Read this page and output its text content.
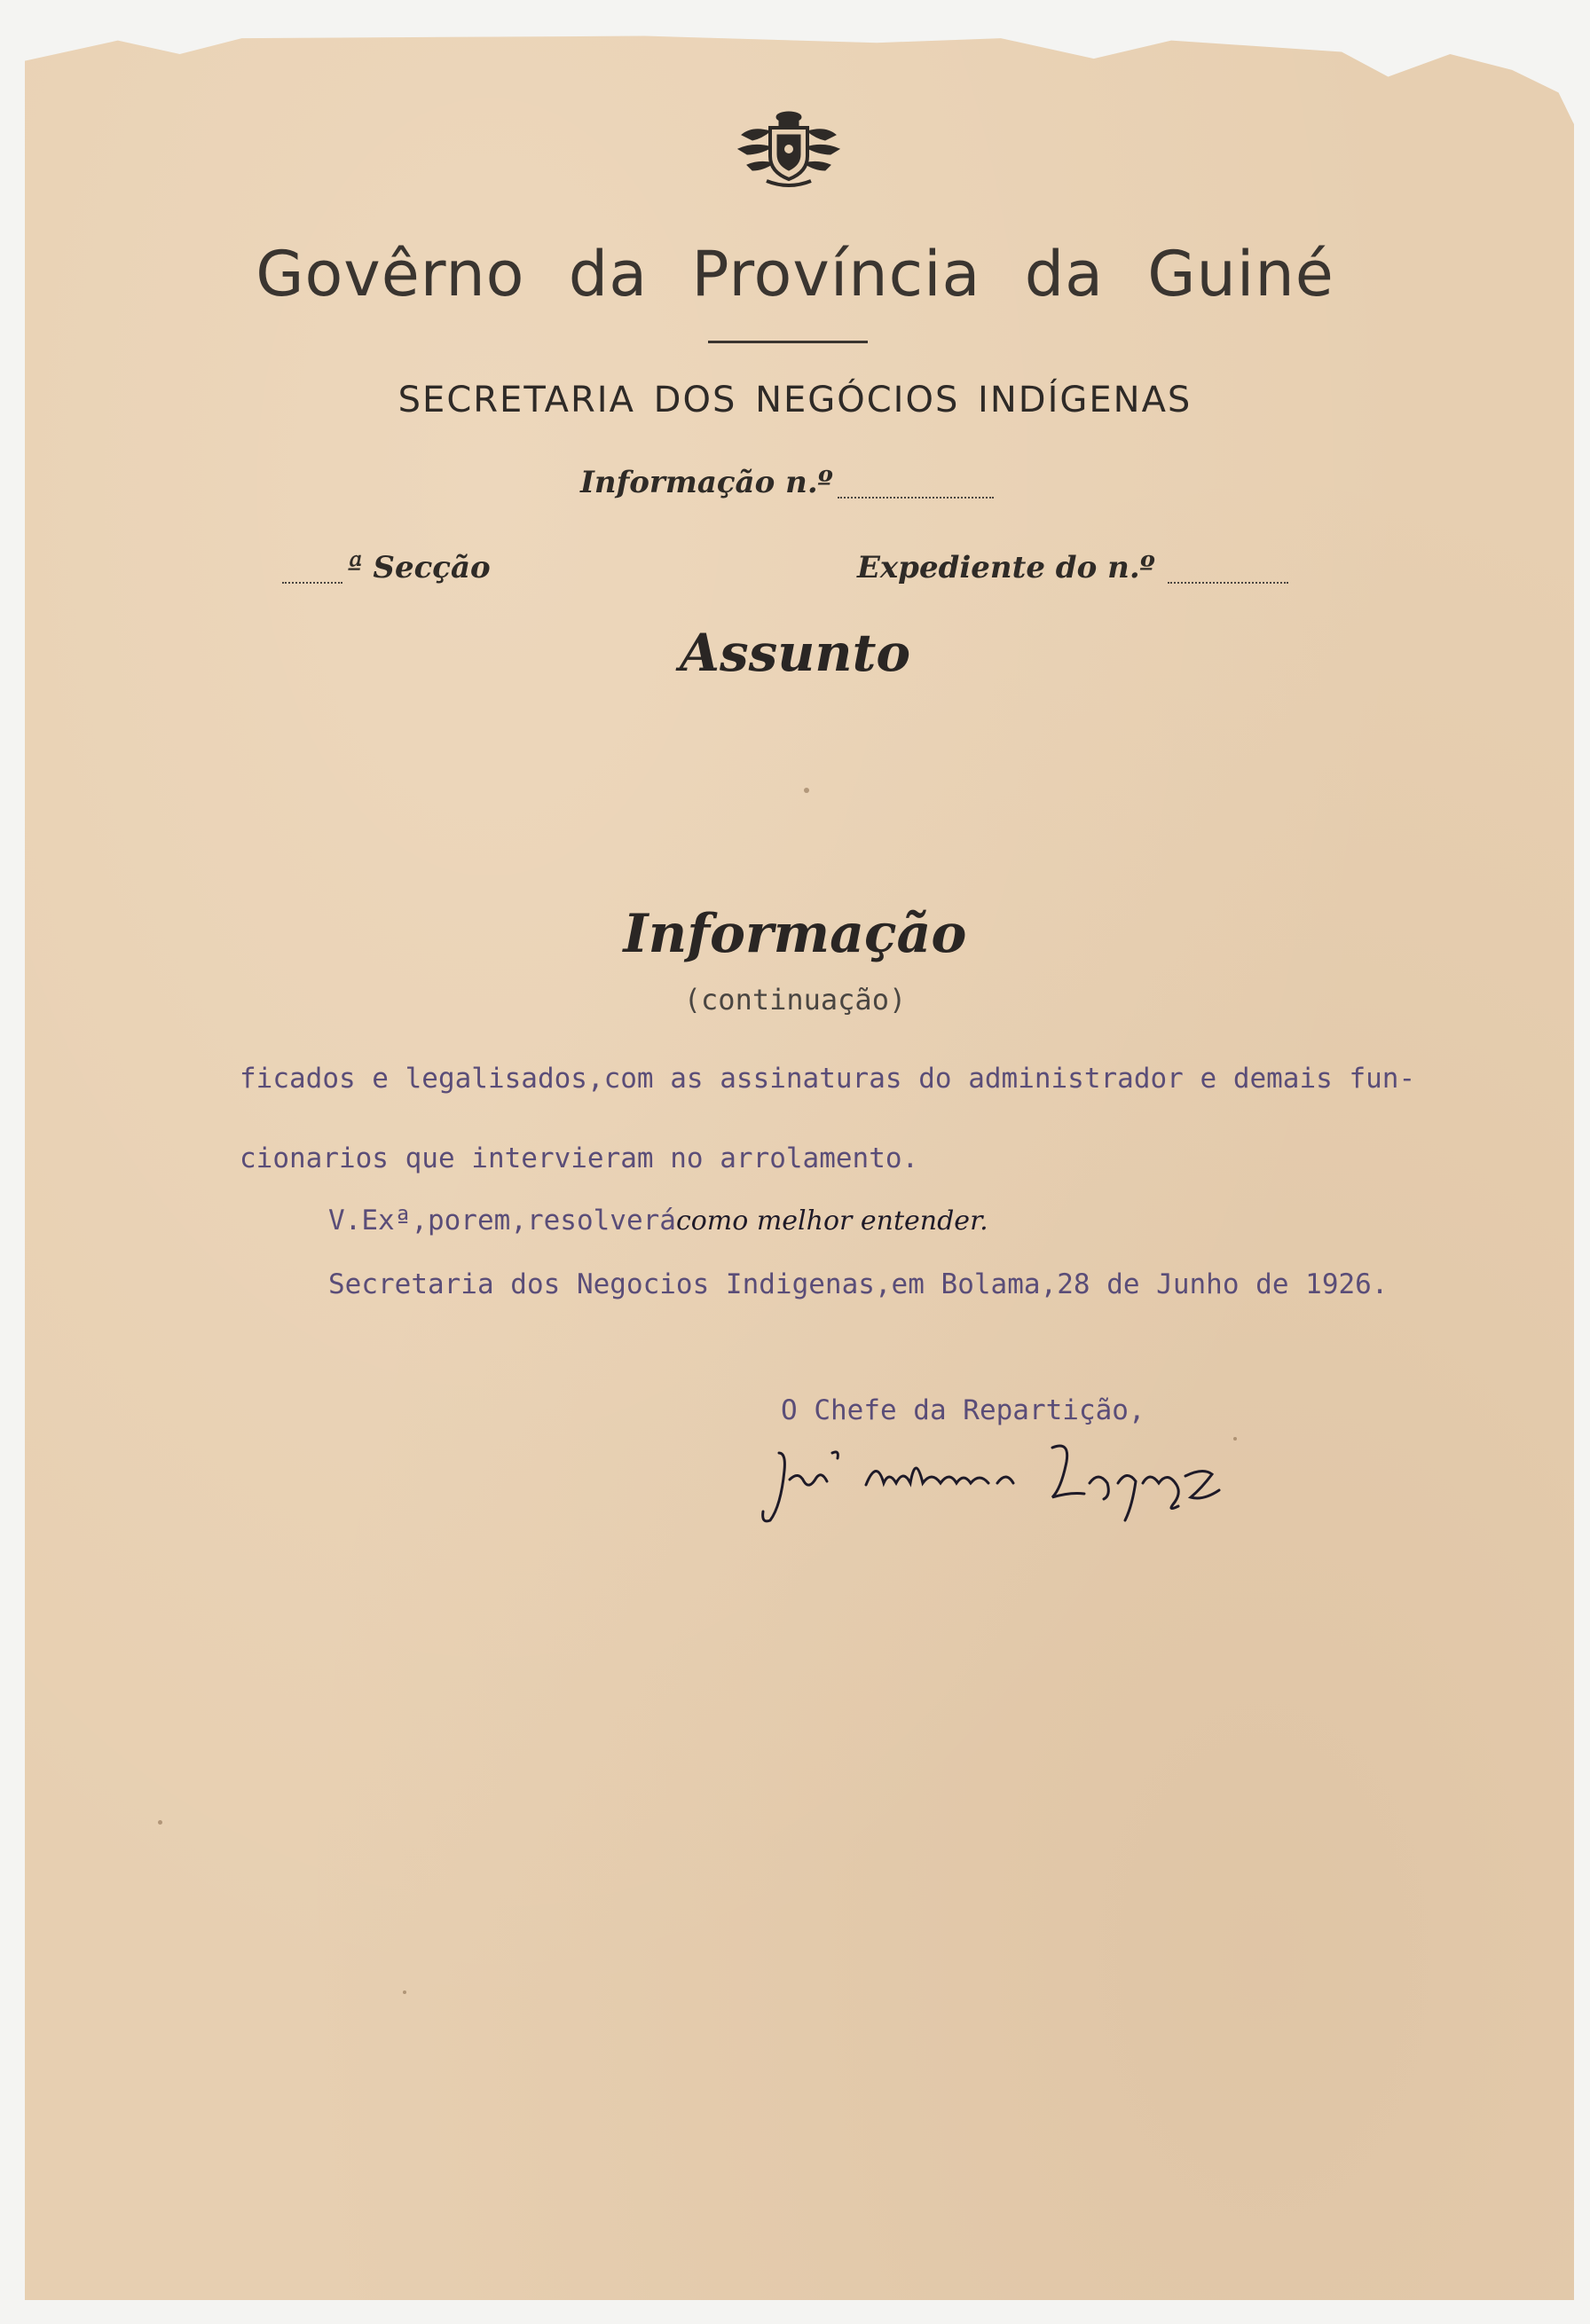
Govêrno da Província da Guiné
SECRETARIA DOS NEGÓCIOS INDÍGENAS
Informação n.º
ª Secção	Expediente do n.º
Assunto
Informação
(continuação)
ficados e legalisados,com as assinaturas do administrador e demais fun-
cionarios que intervieram no arrolamento.
V.Exª,porem,resolverácomo melhor entender.
Secretaria dos Negocios Indigenas,em Bolama,28 de Junho de 1926.
O Chefe da Repartição,
